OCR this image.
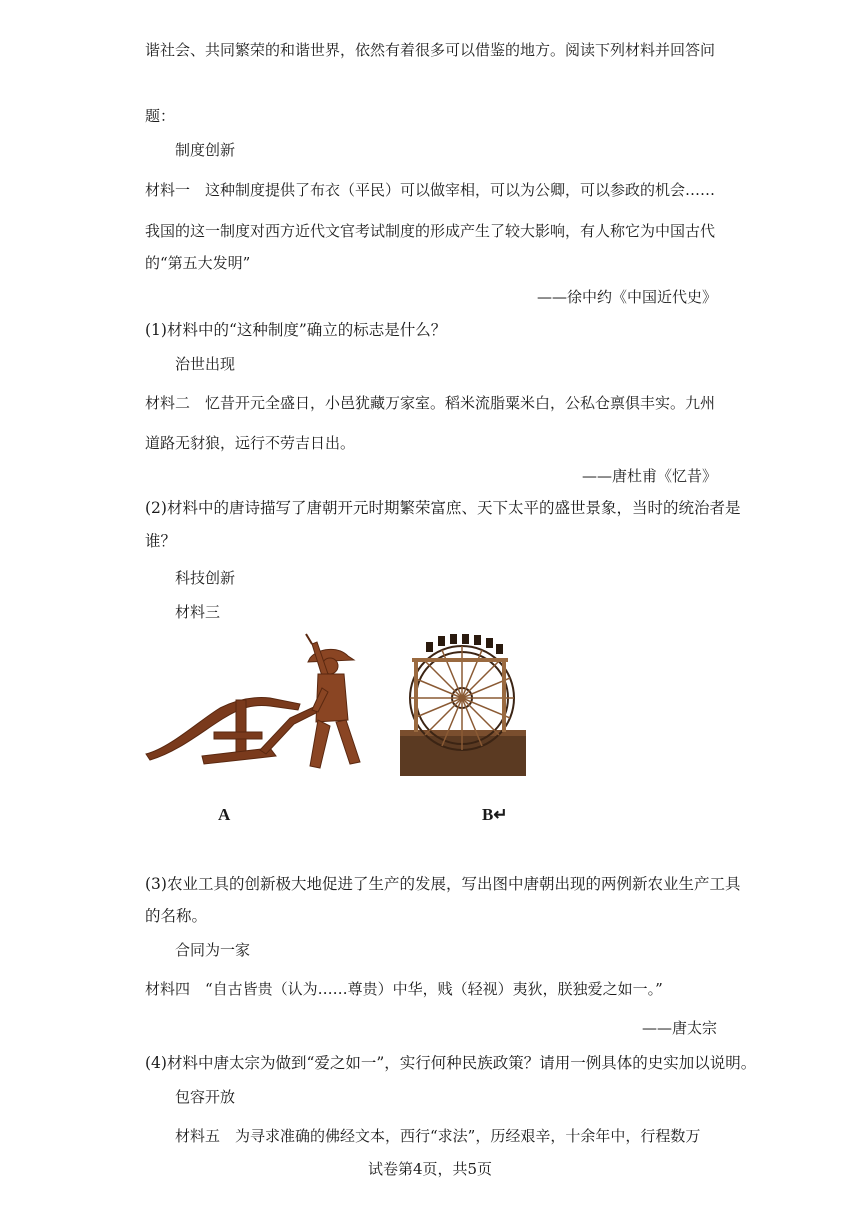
谐社会、共同繁荣的和谐世界，依然有着很多可以借鉴的地方。阅读下列材料并回答问
题：
制度创新
材料一　这种制度提供了布衣（平民）可以做宰相，可以为公卿，可以参政的机会……
我国的这一制度对西方近代文官考试制度的形成产生了较大影响，有人称它为中国古代
的“第五大发明”
——徐中约《中国近代史》
(1)材料中的“这种制度”确立的标志是什么？
治世出现
材料二　忆昔开元全盛日，小邑犹藏万家室。稻米流脂粟米白，公私仓禀俱丰实。九州
道路无豺狼，远行不劳吉日出。
——唐杜甫《忆昔》
(2)材料中的唐诗描写了唐朝开元时期繁荣富庶、天下太平的盛世景象，当时的统治者是
谁？
科技创新
材料三
A	B↵
(3)农业工具的创新极大地促进了生产的发展，写出图中唐朝出现的两例新农业生产工具
的名称。
合同为一家
材料四　“自古皆贵（认为……尊贵）中华，贱（轻视）夷狄，朕独爱之如一。”
——唐太宗
(4)材料中唐太宗为做到“爱之如一”，实行何种民族政策？请用一例具体的史实加以说明。
包容开放
材料五　为寻求准确的佛经文本，西行“求法”，历经艰辛，十余年中，行程数万
试卷第4页，共5页
